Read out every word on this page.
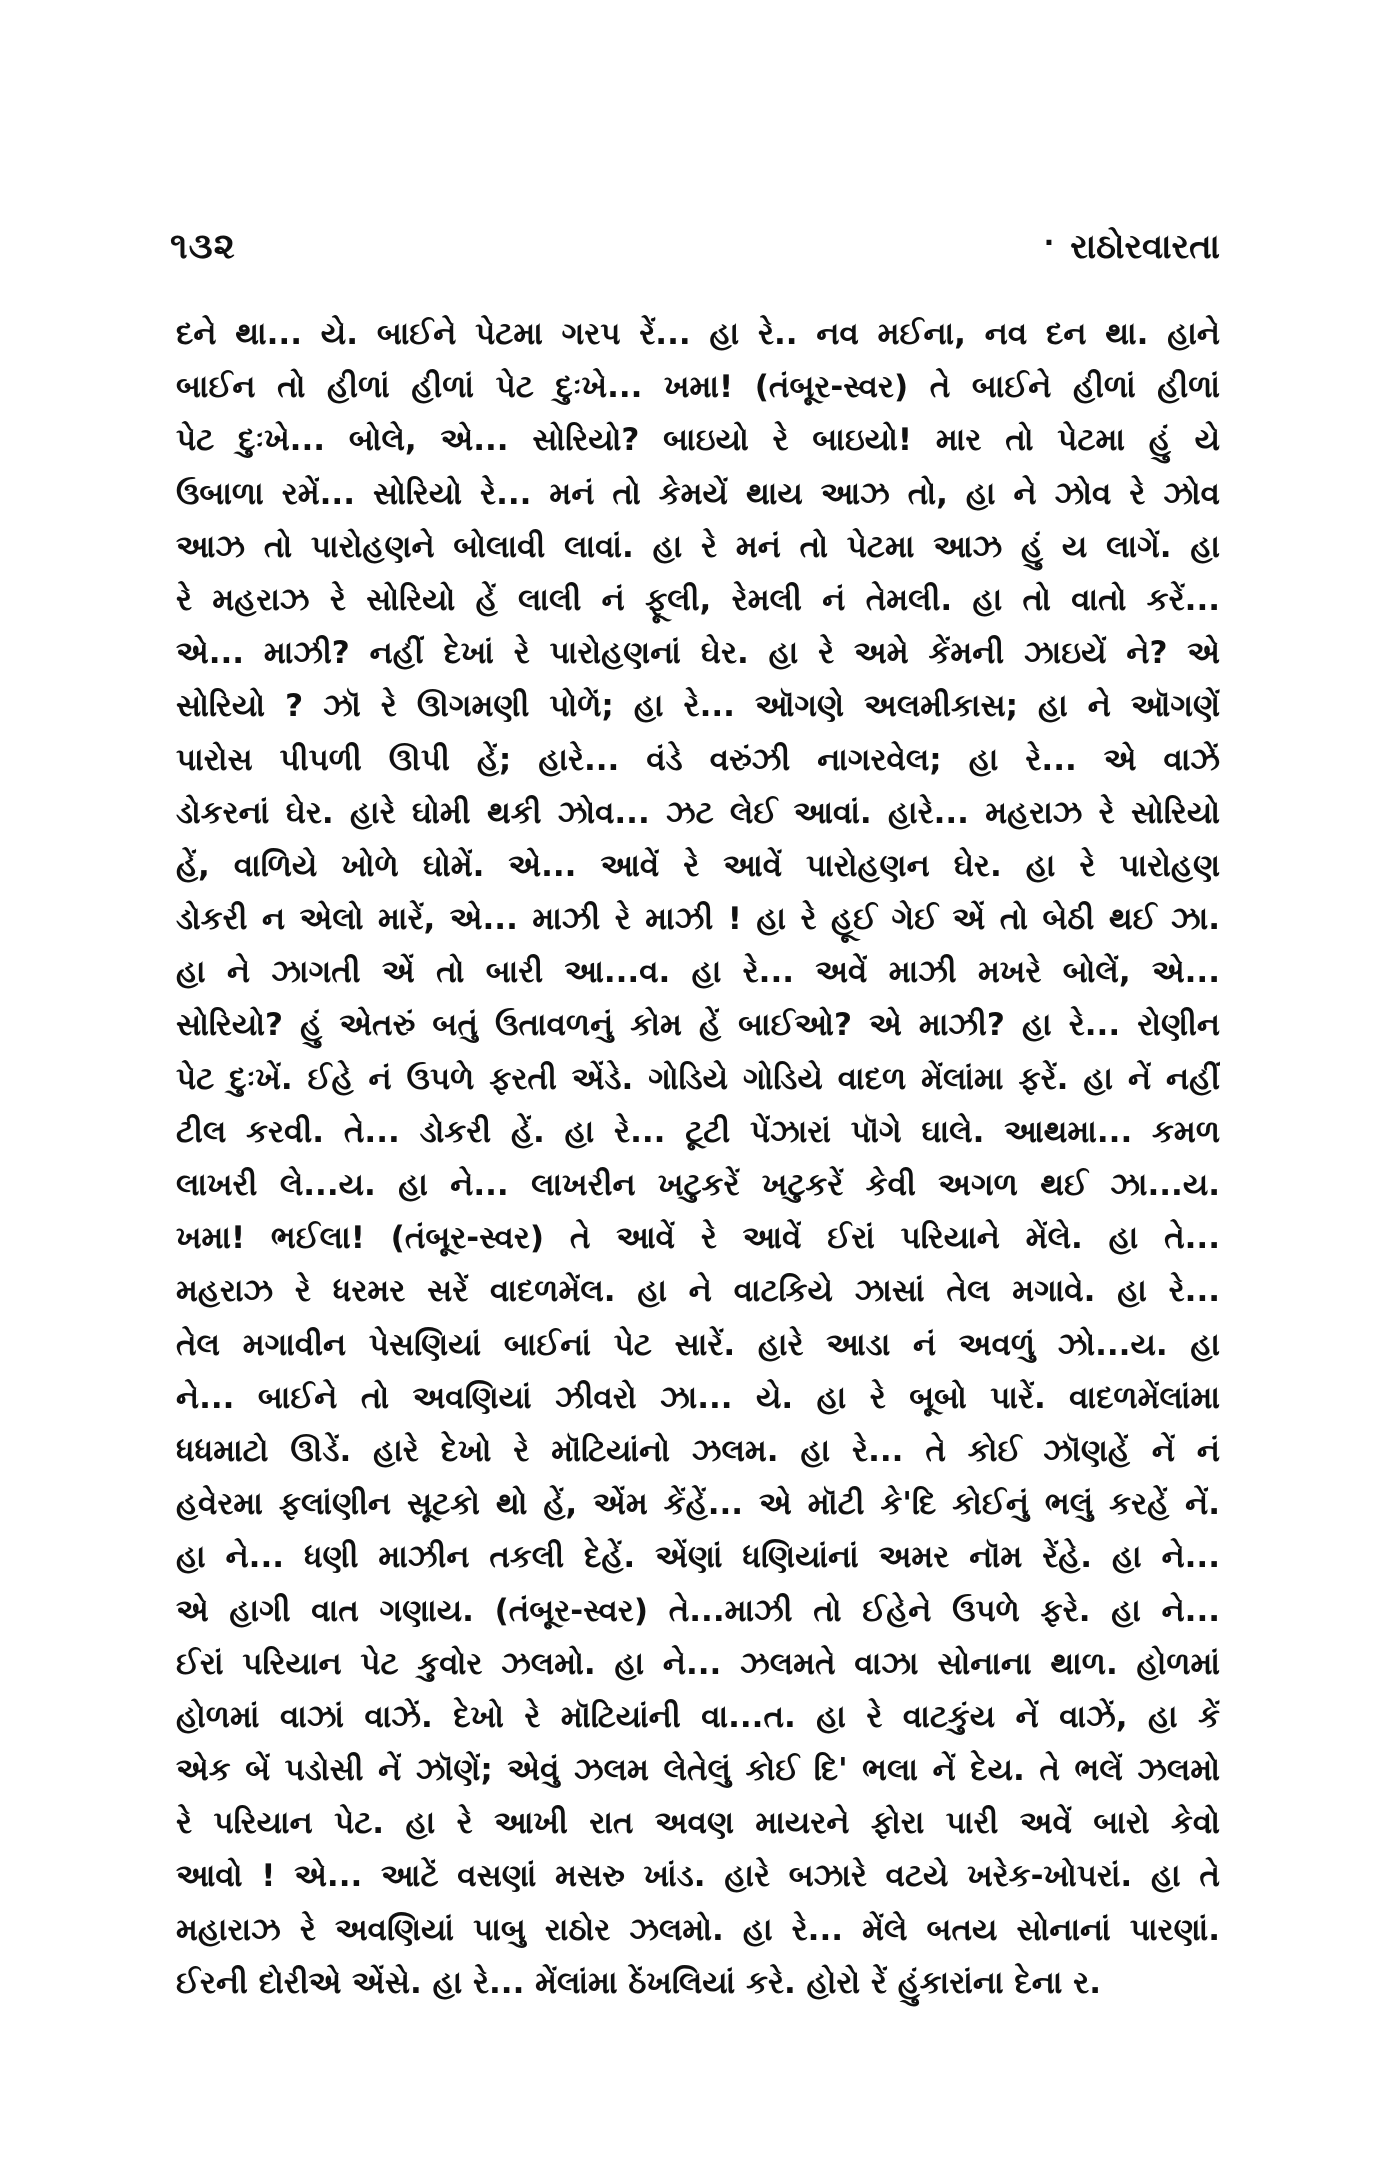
૧૩૨	· રાઠોરવારતા
દને થા... યે. બાઈને પેટમા ગરપ રેં... હા રે.. નવ મઈના, નવ દન થા. હાને
બાઈન તો હીળાં હીળાં પેટ દુઃખે... ખમા! (તંબૂર-સ્વર) તે બાઈને હીળાં હીળાં
પેટ દુઃખે... બોલે, એ... સોરિયો? બાઇયો રે બાઇયો! માર તો પેટમા હું યે
ઉબાળા રમેં... સોરિયો રે... મનં તો કેમયેં થાય આઝ તો, હા ને ઝોવ રે ઝોવ
આઝ તો પારોહણને બોલાવી લાવાં. હા રે મનં તો પેટમા આઝ હું ય લાગેં. હા
રે મહરાઝ રે સોરિયો હેં લાલી નં ફૂલી, રેમલી નં તેમલી. હા તો વાતો કરેં...
એ... માઝી? નહીં દેખાં રે પારોહણનાં ઘેર. હા રે અમે કેંમની ઝાઇયેં ને? એ
સોરિયો ? ઝૉ રે ઊગમણી પોળેં; હા રે... ઑગણે અલમીકાસ; હા ને ઑગણેં
પારોસ પીપળી ઊપી હેં; હારે... વંડે વરુંઝી નાગરવેલ; હા રે... એ વાઝેં
ડોકરનાં ઘેર. હારે ઘોમી થકી ઝોવ... ઝટ લેઈ આવાં. હારે... મહરાઝ રે સોરિયો
હેં, વાળિયે ખોળે ઘોમેં. એ... આવેં રે આવેં પારોહણન ઘેર. હા રે પારોહણ
ડોકરી ન એલો મારેં, એ... માઝી રે માઝી ! હા રે હૂઈ ગેઈ એં તો બેઠી થઈ ઝા.
હા ને ઝાગતી એં તો બારી આ...વ. હા રે... અવેં માઝી મખરે બોલેં, એ...
સોરિયો? હું એતરું બતું ઉતાવળનું કોમ હેં બાઈઓ? એ માઝી? હા રે... રોણીન
પેટ દુઃખેં. ઈહે નં ઉપળે ફરતી એંડે. ગોડિયે ગોડિયે વાદળ મેંલાંમા ફરેં. હા નેં નહીં
ટીલ કરવી. તે... ડોકરી હેં. હા રે... ટૂટી પેંઝારાં પૉગે ઘાલે. આથમા... કમળ
લાખરી લે...ય. હા ને... લાખરીન ખટુકરેં ખટુકરેં કેવી અગળ થઈ ઝા...ય.
ખમા! ભઈલા! (તંબૂર-સ્વર) તે આવેં રે આવેં ઈરાં પરિયાને મેંલે. હા તે...
મહરાઝ રે ધરમર સરેં વાદળમેંલ. હા ને વાટકિયે ઝાસાં તેલ મગાવે. હા રે...
તેલ મગાવીન પેસણિયાં બાઈનાં પેટ સારેં. હારે આડા નં અવળું ઝો...ય. હા
ને... બાઈને તો અવણિયાં ઝીવરો ઝા... યે. હા રે બૂબો પારેં. વાદળમેંલાંમા
ધધમાટો ઊડેં. હારે દેખો રે મૉટિયાંનો ઝલમ. હા રે... તે કોઈ ઝૉણહેં નેં નં
હવેરમા ફલાંણીન સૂટકો થો હેં, એંમ કેંહેં... એ મૉટી કે'દિ કોઈનું ભલું કરહેં નેં.
હા ને... ધણી માઝીન તકલી દેહેં. એંણાં ધણિયાંનાં અમર નૉમ રેંહે. હા ને...
એ હાગી વાત ગણાય. (તંબૂર-સ્વર) તે...માઝી તો ઈહેને ઉપળે ફરે. હા ને...
ઈરાં પરિયાન પેટ કુવોર ઝલમો. હા ને... ઝલમતે વાઝા સોનાના થાળ. હોળમાં
હોળમાં વાઝાં વાઝેં. દેખો રે મૉટિયાંની વા...ત. હા રે વાટકુંય નેં વાઝેં, હા કેં
એક બેં પડોસી નેં ઝૉણેં; એવું ઝલમ લેતેલું કોઈ દિ' ભલા નેં દેય. તે ભલેં ઝલમો
રે પરિયાન પેટ. હા રે આખી રાત અવણ માયરને ફોરા પારી અવેં બારો કેવો
આવો ! એ... આટેં વસણાં મસરુ ખાંડ. હારે બઝારે વટયે ખરેક-ખોપરાં. હા તે
મહારાઝ રે અવણિયાં પાબુ રાઠોર ઝલમો. હા રે... મેંલે બતય સોનાનાં પારણાં.
ઈરની દોરીએ એંસે. હા રે... મેંલાંમા ઠેંખલિયાં કરે. હોરો રેં હુંકારાંના દેના ર.
